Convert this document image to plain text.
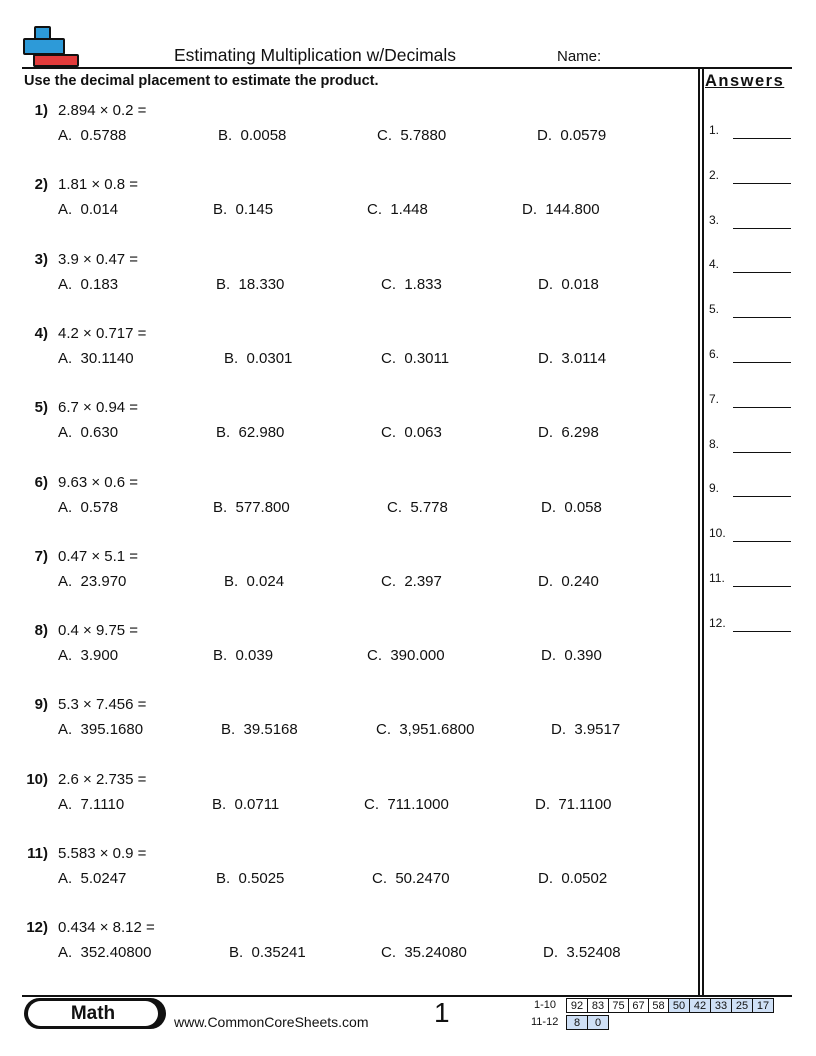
Estimating Multiplication w/Decimals	Name:
Use the decimal placement to estimate the product.	Answers
1.
2.
3.
4.
5.
6.
7.
8.
9.
10.
11.
12.
1) 2.894 × 0.2 =
A.  0.5788	B.  0.0058	C.  5.7880	D.  0.0579
2) 1.81 × 0.8 =
A.  0.014	B.  0.145	C.  1.448	D.  144.800
3) 3.9 × 0.47 =
A.  0.183	B.  18.330	C.  1.833	D.  0.018
4) 4.2 × 0.717 =
A.  30.1140	B.  0.0301	C.  0.3011	D.  3.0114
5) 6.7 × 0.94 =
A.  0.630	B.  62.980	C.  0.063	D.  6.298
6) 9.63 × 0.6 =
A.  0.578	B.  577.800	C.  5.778	D.  0.058
7) 0.47 × 5.1 =
A.  23.970	B.  0.024	C.  2.397	D.  0.240
8) 0.4 × 9.75 =
A.  3.900	B.  0.039	C.  390.000	D.  0.390
9) 5.3 × 7.456 =
A.  395.1680	B.  39.5168	C.  3,951.6800	D.  3.9517
10) 2.6 × 2.735 =
A.  7.1110	B.  0.0711	C.  711.1000	D.  71.1100
11) 5.583 × 0.9 =
A.  5.0247	B.  0.5025	C.  50.2470	D.  0.0502
12) 0.434 × 8.12 =
A.  352.40800	B.  0.35241	C.  35.24080	D.  3.52408
Math	www.CommonCoreSheets.com 1	1-10	92 83 75 67 58 50 42 33 25 17
11-12	8	0
